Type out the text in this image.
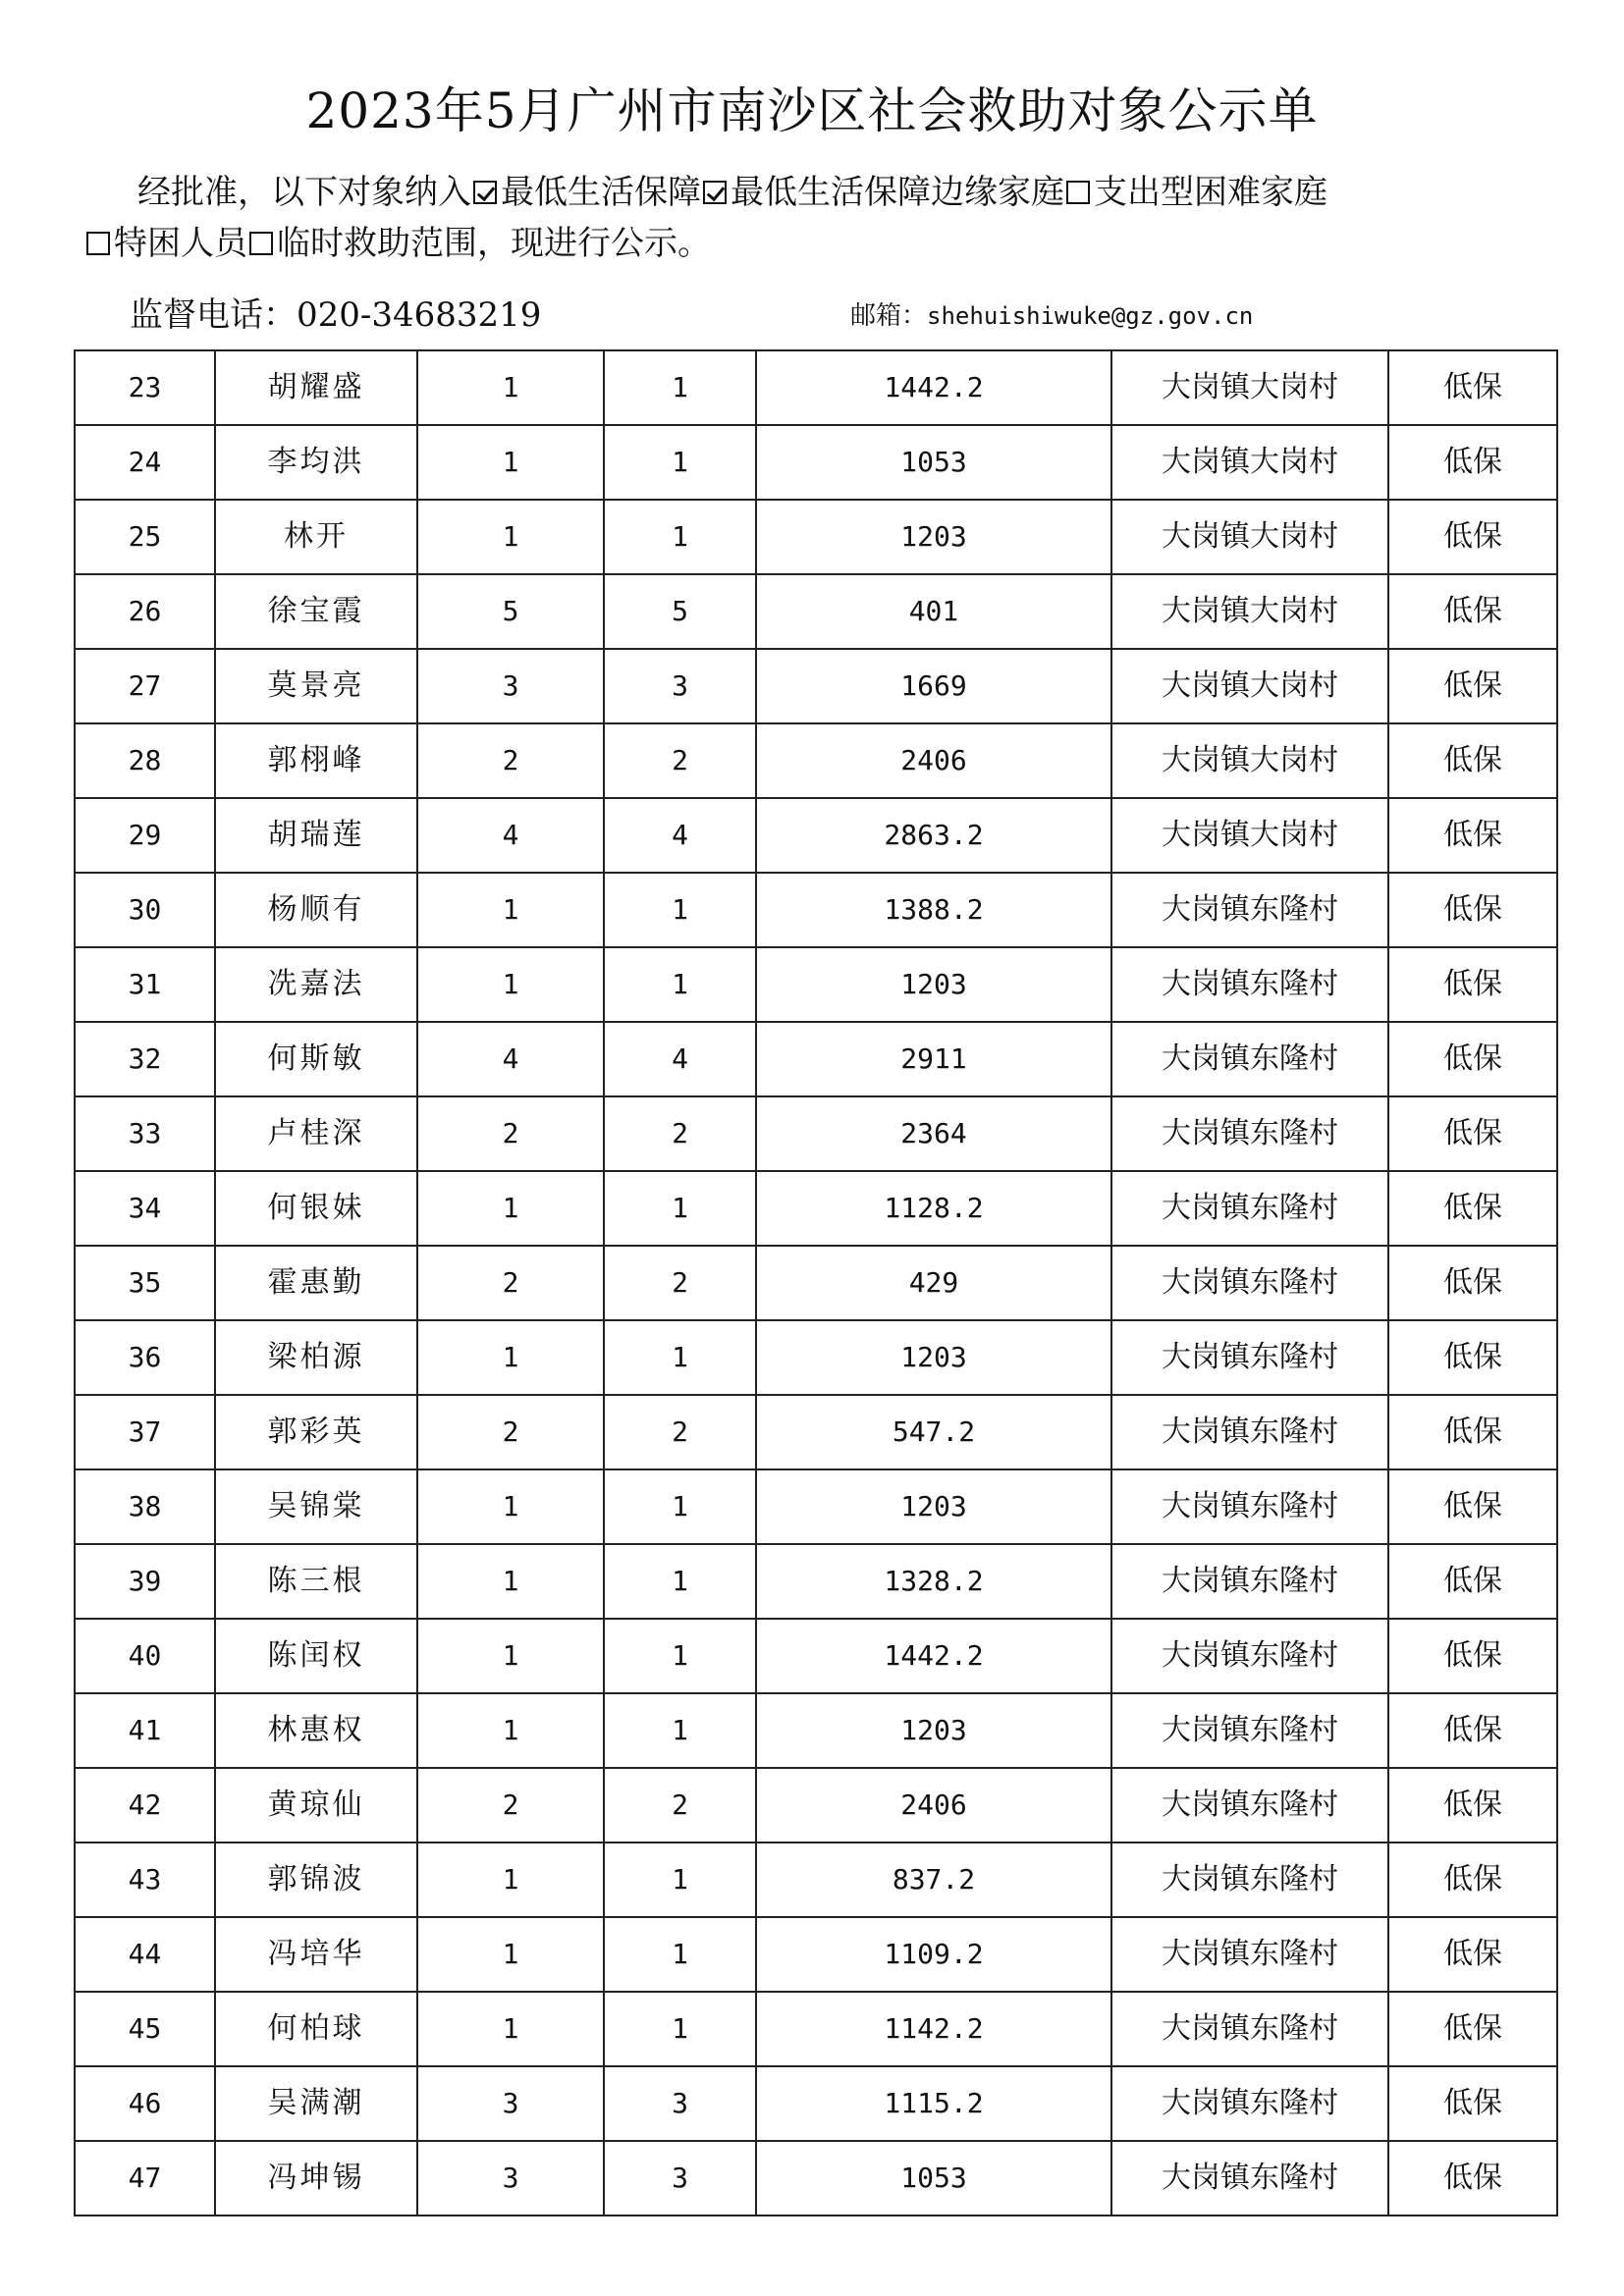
2023年5月广州市南沙区社会救助对象公示单
经批准，以下对象纳入 最低生活保障 最低生活保障边缘家庭 支出型困难家庭
特困人员 临时救助范围，现进行公示。
监督电话：020-34683219	邮箱：shehuishiwuke@gz.gov.cn
23	胡耀盛	1	1	1442.2	大岗镇大岗村	低保
24	李均洪	1	1	1053	大岗镇大岗村	低保
25	林开	1	1	1203	大岗镇大岗村	低保
26	徐宝霞	5	5	401	大岗镇大岗村	低保
27	莫景亮	3	3	1669	大岗镇大岗村	低保
28	郭栩峰	2	2	2406	大岗镇大岗村	低保
29	胡瑞莲	4	4	2863.2	大岗镇大岗村	低保
30	杨顺有	1	1	1388.2	大岗镇东隆村	低保
31	冼嘉法	1	1	1203	大岗镇东隆村	低保
32	何斯敏	4	4	2911	大岗镇东隆村	低保
33	卢桂深	2	2	2364	大岗镇东隆村	低保
34	何银妹	1	1	1128.2	大岗镇东隆村	低保
35	霍惠勤	2	2	429	大岗镇东隆村	低保
36	梁柏源	1	1	1203	大岗镇东隆村	低保
37	郭彩英	2	2	547.2	大岗镇东隆村	低保
38	吴锦棠	1	1	1203	大岗镇东隆村	低保
39	陈三根	1	1	1328.2	大岗镇东隆村	低保
40	陈闰权	1	1	1442.2	大岗镇东隆村	低保
41	林惠权	1	1	1203	大岗镇东隆村	低保
42	黄琼仙	2	2	2406	大岗镇东隆村	低保
43	郭锦波	1	1	837.2	大岗镇东隆村	低保
44	冯培华	1	1	1109.2	大岗镇东隆村	低保
45	何柏球	1	1	1142.2	大岗镇东隆村	低保
46	吴满潮	3	3	1115.2	大岗镇东隆村	低保
47	冯坤锡	3	3	1053	大岗镇东隆村	低保
